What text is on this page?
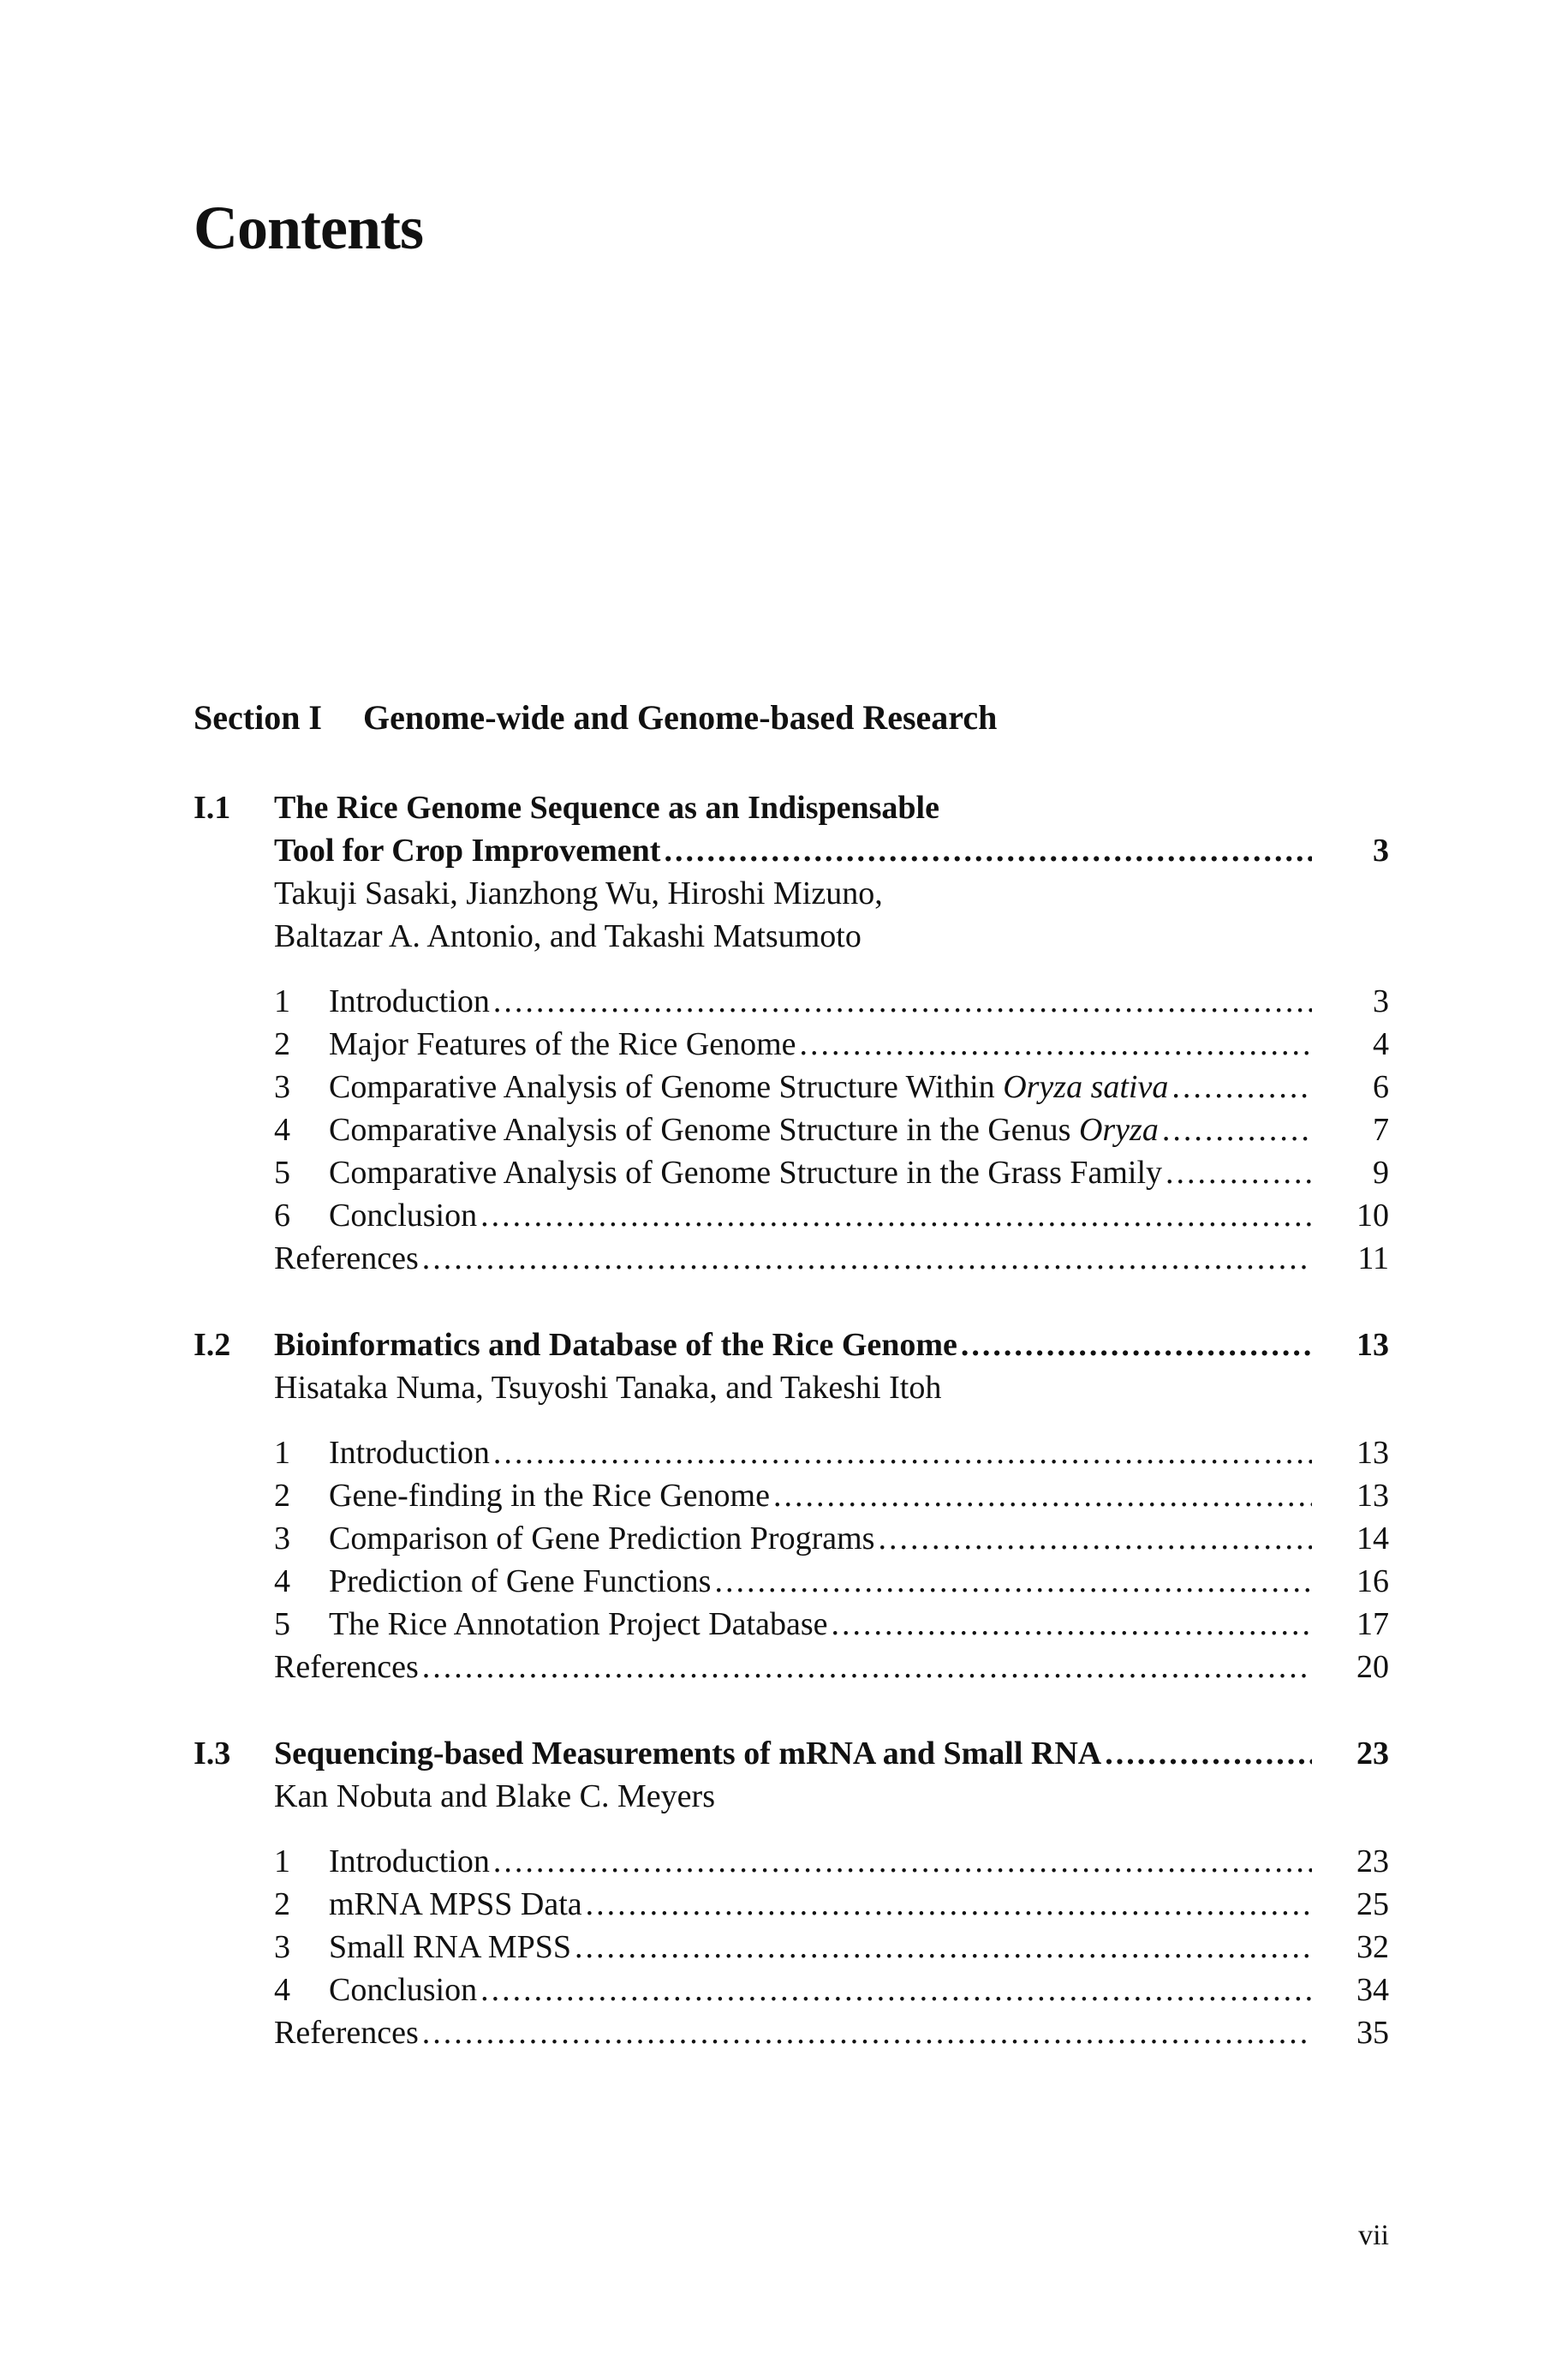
Contents
Section I Genome-wide and Genome-based Research
I.1 The Rice Genome Sequence as an Indispensable
Tool for Crop Improvement .....	3
Takuji Sasaki, Jianzhong Wu, Hiroshi Mizuno,
Baltazar A. Antonio, and Takashi Matsumoto
1 Introduction .....	3
2 Major Features of the Rice Genome .....	4
3 Comparative Analysis of Genome Structure Within Oryza sativa .....	6
4 Comparative Analysis of Genome Structure in the Genus Oryza .....	7
5 Comparative Analysis of Genome Structure in the Grass Family .....	9
6 Conclusion .....	10
References .....	11
I.2 Bioinformatics and Database of the Rice Genome .....	13
Hisataka Numa, Tsuyoshi Tanaka, and Takeshi Itoh
1 Introduction .....	13
2 Gene-finding in the Rice Genome .....	13
3 Comparison of Gene Prediction Programs .....	14
4 Prediction of Gene Functions .....	16
5 The Rice Annotation Project Database .....	17
References .....	20
I.3 Sequencing-based Measurements of mRNA and Small RNA .....	23
Kan Nobuta and Blake C. Meyers
1 Introduction .....	23
2 mRNA MPSS Data .....	25
3 Small RNA MPSS .....	32
4 Conclusion .....	34
References .....	35
vii
